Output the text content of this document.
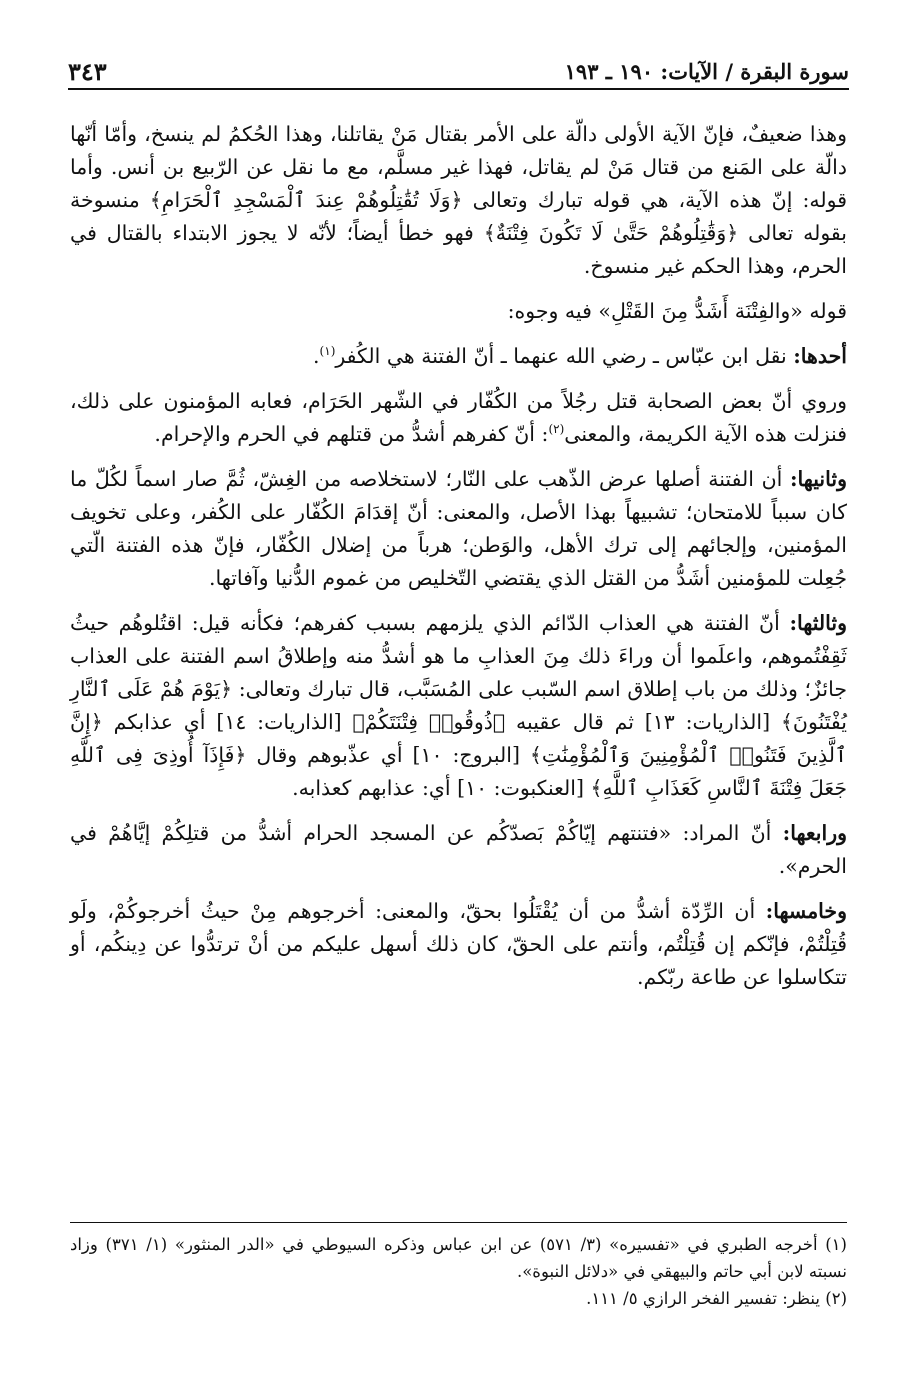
سورة البقرة / الآيات: ١٩٠ ـ ١٩٣
٣٤٣

وهذا ضعيفٌ، فإنّ الآية الأولى دالّة على الأمر بقتال مَنْ يقاتلنا، وهذا الحُكمُ لم ينسخ، وأمّا أنّها دالّة على المَنع من قتال مَنْ لم يقاتل، فهذا غير مسلَّم، مع ما نقل عن الرّبيع بن أنس. وأما قوله: إنّ هذه الآية، هي قوله تبارك وتعالى ﴿وَلَا تُقَٰتِلُوهُمْ عِندَ ٱلْمَسْجِدِ ٱلْحَرَامِ﴾ منسوخة بقوله تعالى ﴿وَقَٰتِلُوهُمْ حَتَّىٰ لَا تَكُونَ فِتْنَةٌ﴾ فهو خطأ أيضاً؛ لأنّه لا يجوز الابتداء بالقتال في الحرم، وهذا الحكم غير منسوخ.

قوله «والفِتْنَة أَشَدُّ مِنَ القَتْلِ» فيه وجوه:

أحدها: نقل ابن عبّاس ـ رضي الله عنهما ـ أنّ الفتنة هي الكُفر$^{(١)}$.

وروي أنّ بعض الصحابة قتل رجُلاً من الكُفّار في الشّهر الحَرَام، فعابه المؤمنون على ذلك، فنزلت هذه الآية الكريمة، والمعنى$^{(٢)}$: أنّ كفرهم أشدُّ من قتلهم في الحرم والإحرام.

وثانيها: أن الفتنة أصلها عرض الذّهب على النّار؛ لاستخلاصه من الغِشّ، ثُمَّ صار اسماً لكُلّ ما كان سبباً للامتحان؛ تشبيهاً بهذا الأصل، والمعنى: أنّ إقدَامَ الكُفّار على الكُفر، وعلى تخويف المؤمنين، وإلجائهم إلى ترك الأهل، والوَطن؛ هرباً من إضلال الكُفّار، فإنّ هذه الفتنة الّتي جُعِلت للمؤمنين أشَدُّ من القتل الذي يقتضي التّخليص من غموم الدُّنيا وآفاتها.

وثالثها: أنّ الفتنة هي العذاب الدّائم الذي يلزمهم بسبب كفرهم؛ فكأنه قيل: اقتُلوهُم حيثُ ثَقِفْتُموهم، واعلَموا أن وراءَ ذلك مِنَ العذابِ ما هو أشدُّ منه وإطلاقُ اسم الفتنة على العذاب جائزٌ؛ وذلك من باب إطلاق اسم السّبب على المُسَبَّب، قال تبارك وتعالى: ﴿يَوْمَ هُمْ عَلَى ٱلنَّارِ يُفْتَنُونَ﴾ [الذاريات: ١٣] ثم قال عقيبه ﴿ذُوقُوا۟ فِتْنَتَكُمْ﴾ [الذاريات: ١٤] أي عذابكم ﴿إِنَّ ٱلَّذِينَ فَتَنُوا۟ ٱلْمُؤْمِنِينَ وَٱلْمُؤْمِنَٰتِ﴾ [البروج: ١٠] أي عذّبوهم وقال ﴿فَإِذَآ أُوذِىَ فِى ٱللَّهِ جَعَلَ فِتْنَةَ ٱلنَّاسِ كَعَذَابِ ٱللَّهِ﴾ [العنكبوت: ١٠] أي: عذابهم كعذابه.

ورابعها: أنّ المراد: «فتنتهم إيّاكُمْ بَصدّكُم عن المسجد الحرام أشدُّ من قتلِكُمْ إيَّاهُمْ في الحرم».

وخامسها: أن الرِّدّة أشدُّ من أن يُقْتَلُوا بحقّ، والمعنى: أخرجوهم مِنْ حيثُ أخرجوكُمْ، ولَو قُتِلْتُمْ، فإنّكم إن قُتِلْتُم، وأنتم على الحقّ، كان ذلك أسهل عليكم من أنْ ترتدُّوا عن دِينكُم، أو تتكاسلوا عن طاعة ربّكم.

(١) أخرجه الطبري في «تفسيره» (٣/ ٥٧١) عن ابن عباس وذكره السيوطي في «الدر المنثور» (١/ ٣٧١) وزاد نسبته لابن أبي حاتم والبيهقي في «دلائل النبوة».

(٢) ينظر: تفسير الفخر الرازي ٥/ ١١١.
